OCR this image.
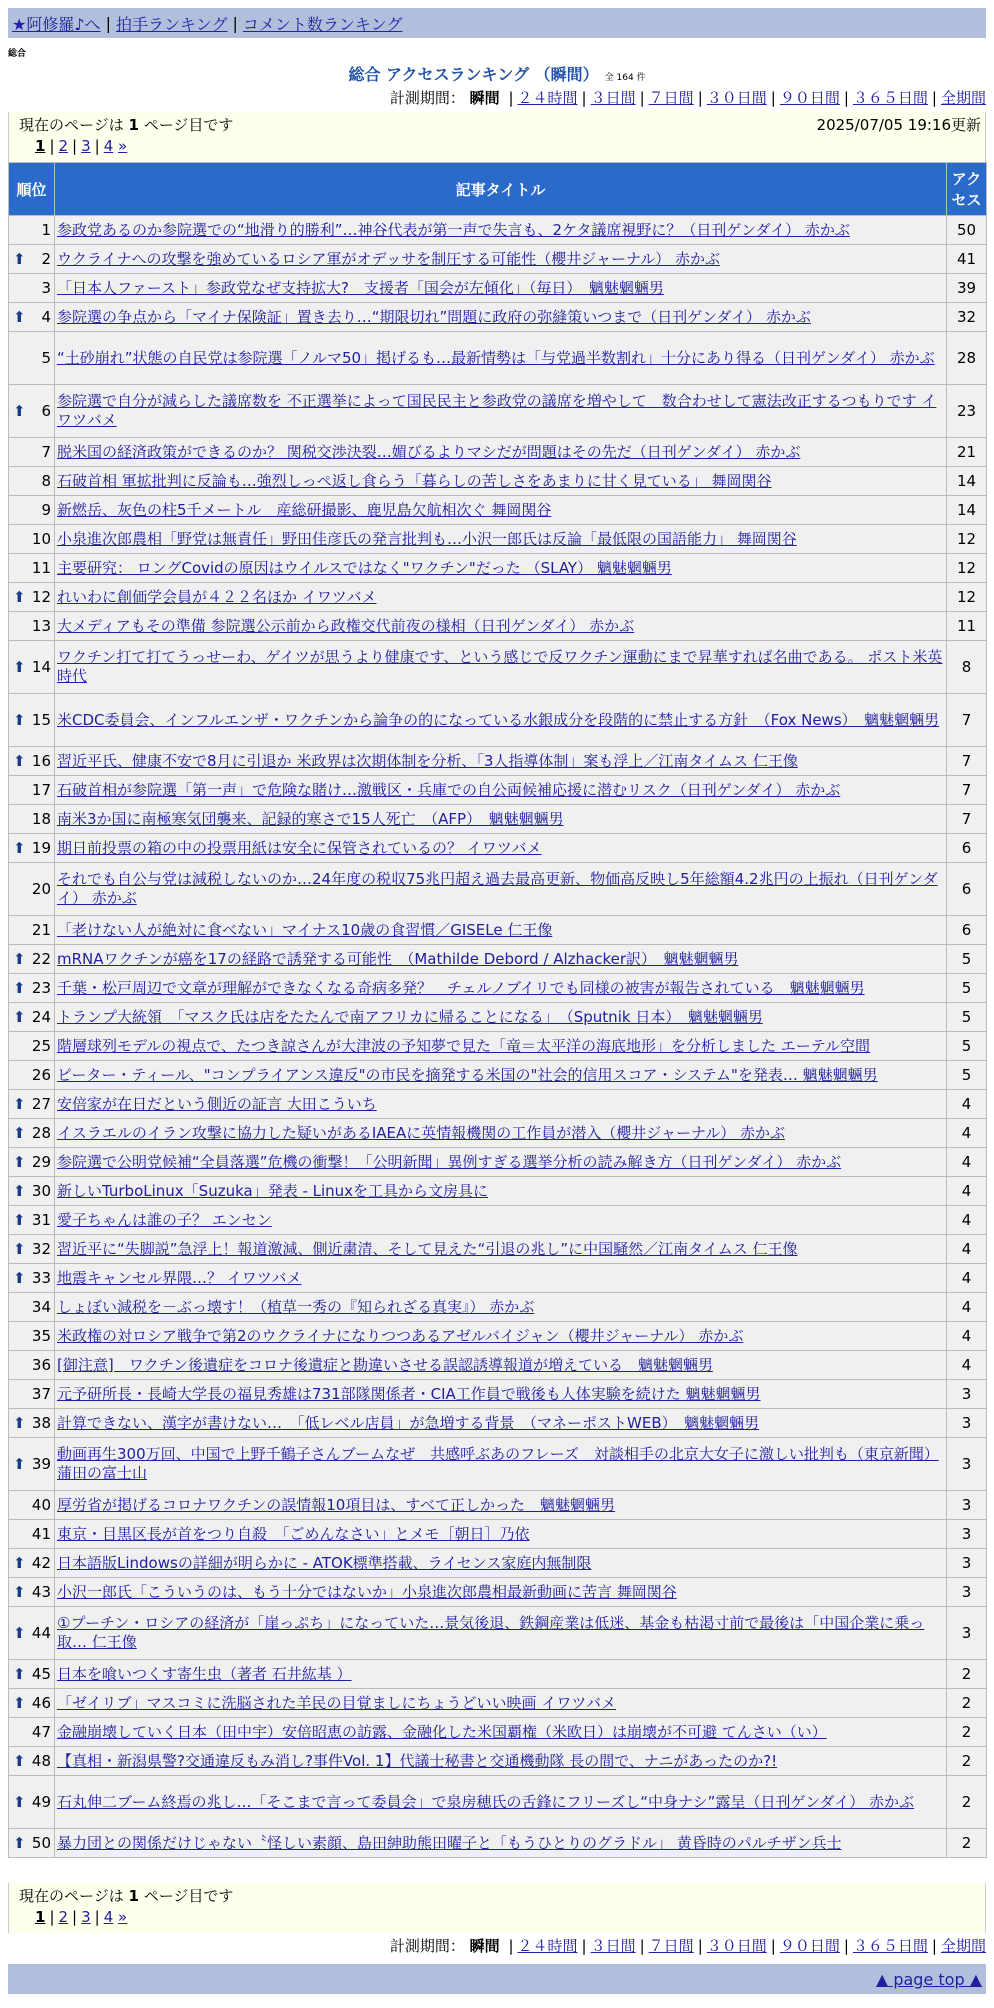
★阿修羅♪へ | 拍手ランキング | コメント数ランキング
総合
総合 アクセスランキング （瞬間） 全 164 件
計測期間： 瞬間 | ２４時間 | ３日間 | ７日間 | ３０日間 | ９０日間 | ３６５日間 | 全期間
現在のページは 1 ページ目です	2025/07/05 19:16更新
1 | 2 | 3 | 4 »
順位	記事タイトル	アクセス
1	参政党あるのか参院選での“地滑り的勝利”…神谷代表が第一声で失言も、2ケタ議席視野に？（日刊ゲンダイ） 赤かぶ	50

⬆ 2	ウクライナへの攻撃を強めているロシア軍がオデッサを制圧する可能性（櫻井ジャーナル） 赤かぶ	41
3	「日本人ファースト」参政党なぜ支持拡大?　支援者「国会が左傾化」（毎日）　魑魅魍魎男	39

⬆ 4	参院選の争点から「マイナ保険証」置き去り…“期限切れ”問題に政府の弥縫策いつまで（日刊ゲンダイ） 赤かぶ	32
5	“土砂崩れ”状態の自民党は参院選「ノルマ50」掲げるも…最新情勢は「与党過半数割れ」十分にあり得る（日刊ゲンダイ） 赤かぶ	28

⬆ 6	参院選で自分が減らした議席数を 不正選挙によって国民民主と参政党の議席を増やして　数合わせして憲法改正するつもりです イワツバメ	23
7	脱米国の経済政策ができるのか？ 関税交渉決裂…媚びるよりマシだが問題はその先だ（日刊ゲンダイ） 赤かぶ	21
8	石破首相 軍拡批判に反論も…強烈しっぺ返し食らう「暮らしの苦しさをあまりに甘く見ている」 舞岡関谷	14
9	新燃岳、灰色の柱5千メートル　産総研撮影、鹿児島欠航相次ぐ 舞岡関谷	14
10	小泉進次郎農相「野党は無責任」野田佳彦氏の発言批判も…小沢一郎氏は反論「最低限の国語能力」 舞岡関谷	12
11	主要研究： ロングCovidの原因はウイルスではなく"ワクチン"だった （SLAY） 魑魅魍魎男	12

⬆ 12	れいわに創価学会員が４２２名ほか イワツバメ	12
13	大メディアもその準備 参院選公示前から政権交代前夜の様相（日刊ゲンダイ） 赤かぶ	11

⬆ 14	ワクチン打て打てうっせーわ、ゲイツが思うより健康です、という感じで反ワクチン運動にまで昇華すれば名曲である。 ポスト米英時代	8

⬆ 15	米CDC委員会、インフルエンザ・ワクチンから論争の的になっている水銀成分を段階的に禁止する方針　（Fox News）　魑魅魍魎男	7

⬆ 16	習近平氏、健康不安で8月に引退か 米政界は次期体制を分析、「3人指導体制」案も浮上／江南タイムス 仁王像	7
17	石破首相が参院選「第一声」で危険な賭け…激戦区・兵庫での自公両候補応援に潜むリスク（日刊ゲンダイ） 赤かぶ	7
18	南米3か国に南極寒気団襲来、記録的寒さで15人死亡　（AFP）　魑魅魍魎男	7

⬆ 19	期日前投票の箱の中の投票用紙は安全に保管されているの？ イワツバメ	6
20	それでも自公与党は減税しないのか…24年度の税収75兆円超え過去最高更新、物価高反映し5年総額4.2兆円の上振れ（日刊ゲンダイ） 赤かぶ	6
21	「老けない人が絶対に食べない」マイナス10歳の食習慣／GISELe 仁王像	6

⬆ 22	mRNAワクチンが癌を17の経路で誘発する可能性　（Mathilde Debord / Alzhacker訳）　魑魅魍魎男	5

⬆ 23	千葉・松戸周辺で文章が理解ができなくなる奇病多発？　チェルノブイリでも同様の被害が報告されている　魑魅魍魎男	5

⬆ 24	トランプ大統領　「マスク氏は店をたたんで南アフリカに帰ることになる」　（Sputnik 日本）　魑魅魍魎男	5
25	階層球列モデルの視点で、たつき諒さんが大津波の予知夢で見た「竜＝太平洋の海底地形」を分析しました エーテル空間	5
26	ピーター・ティール、"コンプライアンス違反"の市民を摘発する米国の"社会的信用スコア・システム"を発表… 魑魅魍魎男	5

⬆ 27	安倍家が在日だという側近の証言 大田こういち	4

⬆ 28	イスラエルのイラン攻撃に協力した疑いがあるIAEAに英情報機関の工作員が潜入（櫻井ジャーナル） 赤かぶ	4

⬆ 29	参院選で公明党候補“全員落選”危機の衝撃！「公明新聞」異例すぎる選挙分析の読み解き方（日刊ゲンダイ） 赤かぶ	4

⬆ 30	新しいTurboLinux「Suzuka」発表 - Linuxを工具から文房具に	4

⬆ 31	愛子ちゃんは誰の子？ エンセン	4

⬆ 32	習近平に“失脚説”急浮上！報道激減、側近粛清、そして見えた“引退の兆し”に中国騒然／江南タイムス 仁王像	4

⬆ 33	地震キャンセル界隈…？ イワツバメ	4
34	しょぼい減税を－ぶっ壊す！（植草一秀の『知られざる真実』） 赤かぶ	4
35	米政権の対ロシア戦争で第2のウクライナになりつつあるアゼルバイジャン（櫻井ジャーナル） 赤かぶ	4
36	[御注意]　ワクチン後遺症をコロナ後遺症と勘違いさせる誤認誘導報道が増えている　魑魅魍魎男	4
37	元予研所長・長崎大学長の福見秀雄は731部隊関係者・CIA工作員で戦後も人体実験を続けた 魑魅魍魎男	3

⬆ 38	計算できない、漢字が書けない…　「低レベル店員」が急増する背景　（マネーポストWEB）　魑魅魍魎男	3

⬆ 39	動画再生300万回、中国で上野千鶴子さんブームなぜ　共感呼ぶあのフレーズ　対談相手の北京大女子に激しい批判も（東京新聞） 蒲田の富士山	3
40	厚労省が掲げるコロナワクチンの誤情報10項目は、すべて正しかった　魑魅魍魎男	3
41	東京・目黒区長が首をつり自殺　「ごめんなさい」とメモ［朝日］乃依	3

⬆ 42	日本語版Lindowsの詳細が明らかに - ATOK標準搭載、ライセンス家庭内無制限	3

⬆ 43	小沢一郎氏「こういうのは、もう十分ではないか」小泉進次郎農相最新動画に苦言 舞岡関谷	3

⬆ 44	①プーチン・ロシアの経済が「崖っぷち」になっていた…景気後退、鉄鋼産業は低迷、基金も枯渇寸前で最後は「中国企業に乗っ取… 仁王像	3

⬆ 45	日本を喰いつくす寄生虫（著者 石井紘基 ）	2

⬆ 46	「ゼイリブ」マスコミに洗脳された羊民の目覚ましにちょうどいい映画 イワツバメ	2
47	金融崩壊していく日本（田中宇）安倍昭恵の訪露、金融化した米国覇権（米欧日）は崩壊が不可避 てんさい（い）	2

⬆ 48	【真相・新潟県警?交通違反もみ消し?事件Vol. 1】代議士秘書と交通機動隊 長の間で、ナニがあったのか?!	2

⬆ 49	石丸伸二ブーム終焉の兆し…「そこまで言って委員会」で泉房穂氏の舌鋒にフリーズし“中身ナシ”露呈（日刊ゲンダイ） 赤かぶ	2

⬆ 50	暴力団との関係だけじゃない〝怪しい素顔、島田紳助熊田曜子と「もうひとりのグラドル」 黄昏時のパルチザン兵士	2
現在のページは 1 ページ目です
1 | 2 | 3 | 4 »
計測期間： 瞬間 | ２４時間 | ３日間 | ７日間 | ３０日間 | ９０日間 | ３６５日間 | 全期間
▲ page top ▲
